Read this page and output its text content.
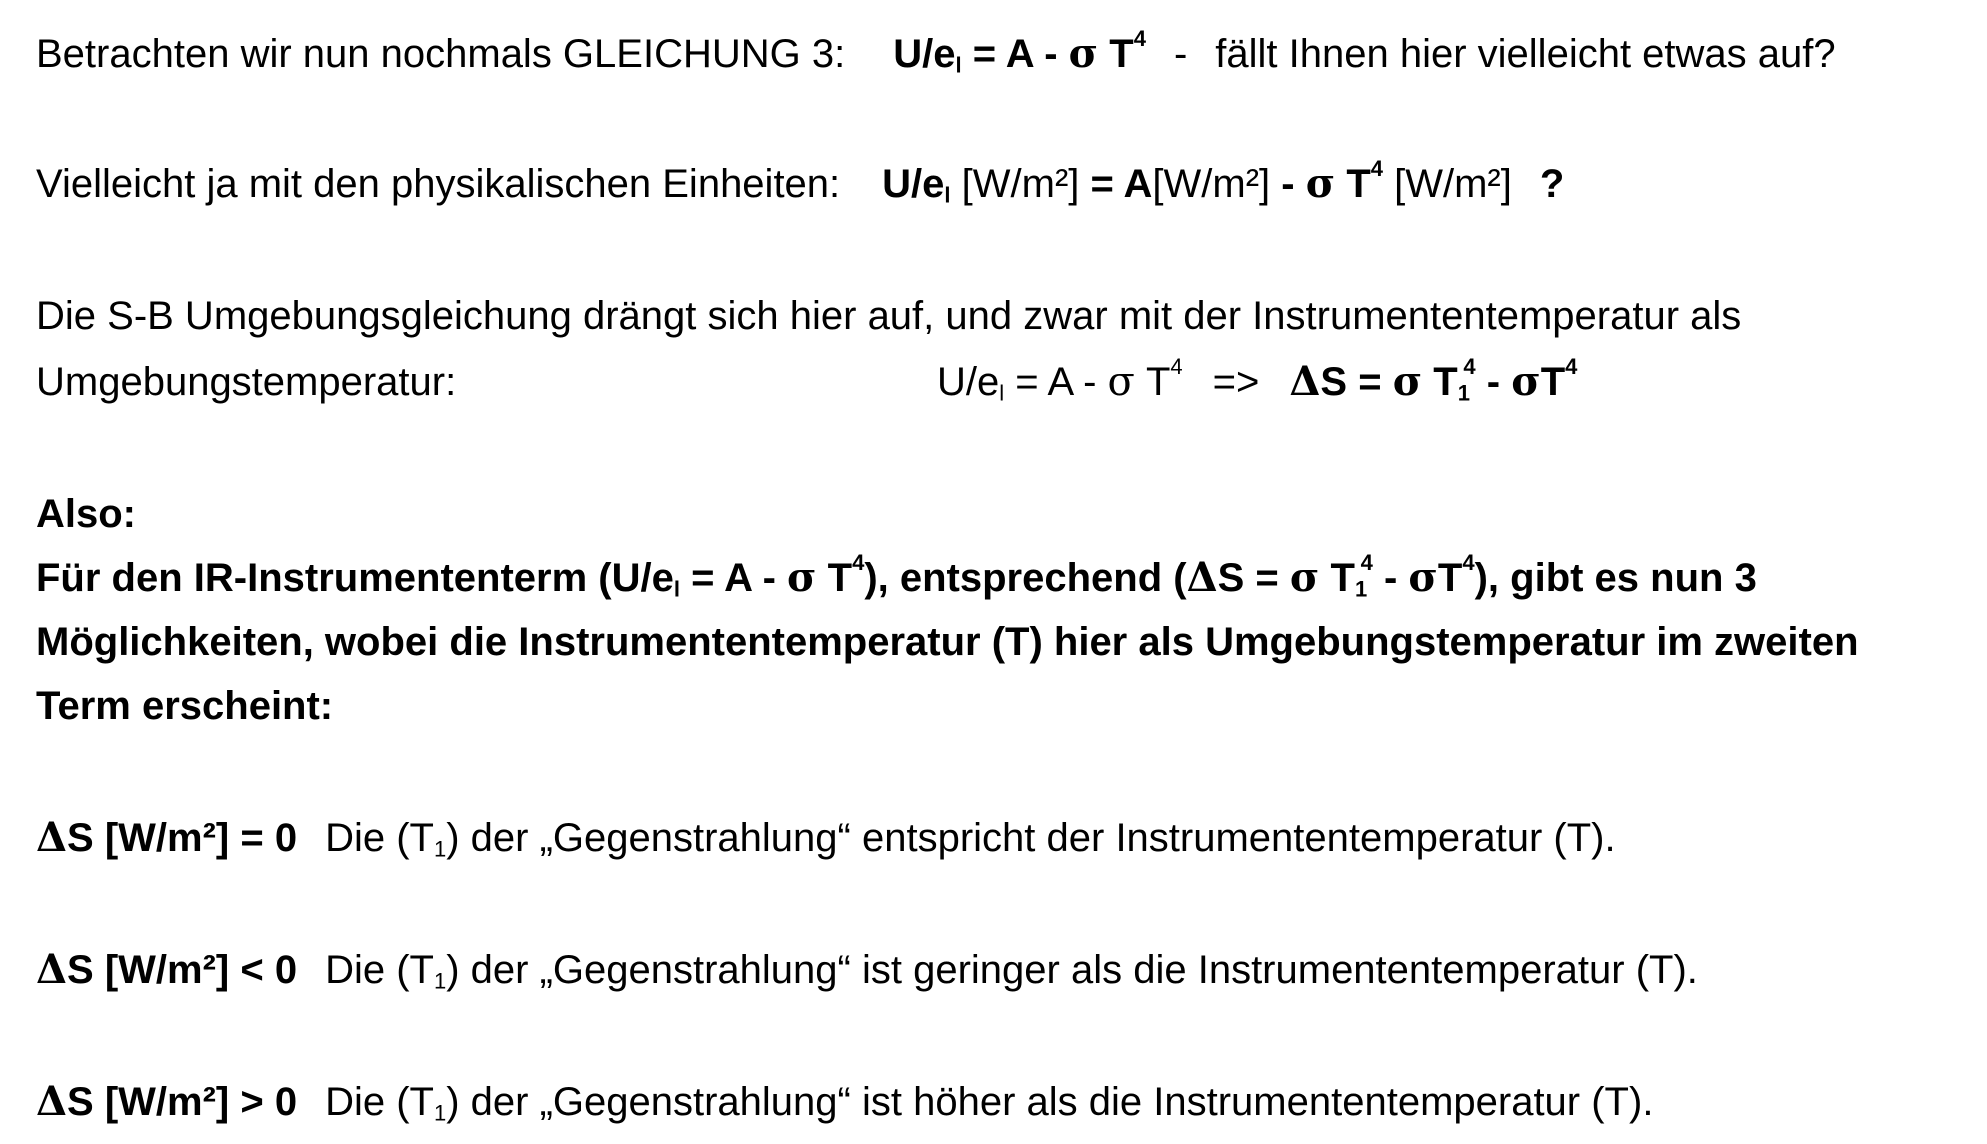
Betrachten wir nun nochmals GLEICHUNG 3: $U/e_l = A - \sigma$ $T^4$ - fällt Ihnen hier vielleicht etwas auf?
Vielleicht ja mit den physikalischen Einheiten: $U/e_l$ [W/m²] = A[W/m²] - σ $T^4$ [W/m²] ?
Die S-B Umgebungsgleichung drängt sich hier auf, und zwar mit der Instrumententemperatur als
Umgebungstemperatur:	$U/e_l = A - \sigma$ $T^4 => \Delta S = \sigma$ $T_1^4 - \sigma T^4$
Also:
Für den IR-Instrumententerm ($U/e_l = A - \sigma$ $T^4$), entsprechend (ΔS = σ $T_1^4 - \sigma T^4$), gibt es nun 3
Möglichkeiten, wobei die Instrumententemperatur (T) hier als Umgebungstemperatur im zweiten
Term erscheint:
ΔS [W/m²] = 0 Die $(T_1)$ der „Gegenstrahlung“ entspricht der Instrumententemperatur (T).
ΔS [W/m²] < 0 Die $(T_1)$ der „Gegenstrahlung“ ist geringer als die Instrumententemperatur (T).
ΔS [W/m²] > 0 Die $(T_1)$ der „Gegenstrahlung“ ist höher als die Instrumententemperatur (T).
